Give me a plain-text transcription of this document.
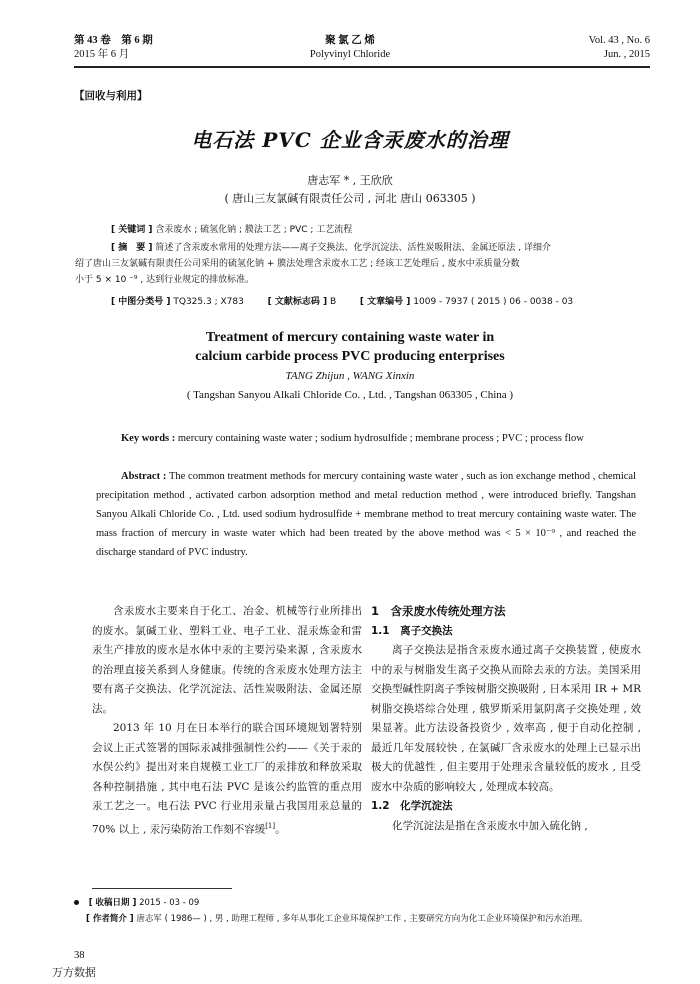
第 43 卷　第 6 期
2015 年 6 月
聚 氯 乙 烯
Polyvinyl Chloride
Vol. 43 , No. 6
Jun. , 2015
【回收与利用】
电石法 PVC 企业含汞废水的治理
唐志军 * , 王欣欣
( 唐山三友氯碱有限责任公司 , 河北 唐山 063305 )
[ 关键词 ] 含汞废水 ; 硫氢化钠 ; 膜法工艺 ; PVC ; 工艺流程

[ 摘　要 ] 简述了含汞废水常用的处理方法——离子交换法、化学沉淀法、活性炭吸附法、金属还原法 , 详细介

绍了唐山三友氯碱有限责任公司采用的硫氢化钠 + 膜法处理含汞废水工艺 ; 经该工艺处理后 , 废水中汞质量分数

小于 5 × 10 ⁻⁹ , 达到行业规定的排放标准。

[ 中图分类号 ] TQ325.3 ; X783	[ 文献标志码 ] B	[ 文章编号 ] 1009 - 7937 ( 2015 ) 06 - 0038 - 03
Treatment of mercury containing waste water in
calcium carbide process PVC producing enterprises
TANG Zhijun , WANG Xinxin
( Tangshan Sanyou Alkali Chloride Co. , Ltd. , Tangshan 063305 , China )
Key words : mercury containing waste water ; sodium hydrosulfide ; membrane process ; PVC ; process flow
Abstract : The common treatment methods for mercury containing waste water , such as ion exchange method , chemical precipitation method , activated carbon adsorption method and metal reduction method , were introduced briefly. Tangshan Sanyou Alkali Chloride Co. , Ltd. used sodium hydrosulfide + membrane method to treat mercury containing waste water. The mass fraction of mercury in waste water which had been treated by the above method was < 5 × 10⁻⁹ , and reached the discharge standard of PVC industry.

含汞废水主要来自于化工、冶金、机械等行业所排出的废水。氯碱工业、塑料工业、电子工业、混汞炼金和雷汞生产排放的废水是水体中汞的主要污染来源 , 含汞废水的治理直接关系到人身健康。传统的含汞废水处理方法主要有离子交换法、化学沉淀法、活性炭吸附法、金属还原法。

2013 年 10 月在日本举行的联合国环境规划署特别会议上正式签署的国际汞减排强制性公约——《关于汞的水俣公约》提出对来自规模工业工厂的汞排放和释放采取各种控制措施 , 其中电石法 PVC 是该公约监管的重点用汞工艺之一。电石法 PVC 行业用汞量占我国用汞总量的 70% 以上 , 汞污染防治工作刻不容缓[1]。

1　含汞废水传统处理方法
1.1　离子交换法

离子交换法是指含汞废水通过离子交换装置 , 使废水中的汞与树脂发生离子交换从而除去汞的方法。美国采用交换型碱性阴离子季铵树脂交换吸附 , 日本采用 IR + MR 树脂交换塔综合处理 , 俄罗斯采用氯阴离子交换处理 , 效果显著。此方法设备投资少 , 效率高 , 便于自动化控制 , 最近几年发展较快 , 在氯碱厂含汞废水的处理上已显示出极大的优越性 , 但主要用于处理汞含量较低的废水 , 且受废水中杂质的影响较大 , 处理成本较高。

1.2　化学沉淀法

化学沉淀法是指在含汞废水中加入硫化钠 ,

[ 收稿日期 ] 2015 - 03 - 09
[ 作者简介 ] 唐志军 ( 1986— ) , 男 , 助理工程师 , 多年从事化工企业环境保护工作 , 主要研究方向为化工企业环境保护和污水治理。
38
万方数据
